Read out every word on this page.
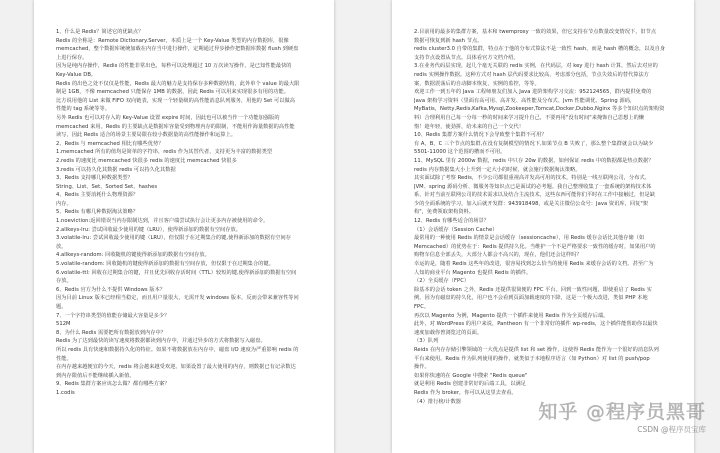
1、什么是 Redis？简述它的优缺点？
Redis 的全称是：Remote Dictionary.Server，本质上是一个 Key-Value 类型的内存数据库，很像
memcached，整个数据库统统加载在内存当中进行操作，定期通过异步操作把数据库数据 flush 到硬盘
上进行保存。
因为是纯内存操作，Redis 的性能非常出色，每秒可以处理超过 10 万次读写操作，是已知性能最快的
Key-Value DB。
Redis 的出色之处不仅仅是性能，Redis 最大的魅力是支持保存多种数据结构，此外单个 value 的最大限
制是 1GB，不像 memcached 只能保存 1MB 的数据，因此 Redis 可以用来实现很多有用的功能。
比方说用他的 List 来做 FIFO 双向链表，实现一个轻量级的高性能消息队列服务，用他的 Set 可以做高
性能的 tag 系统等等。
另外 Redis 也可以对存入的 Key-Value 设置 expire 时间，因此也可以被当作一个功能加强版的
memcached 来用。Redis 的主要缺点是数据库容量受到物理内存的限制，不能用作海量数据的高性能
读写，因此 Redis 适合的场景主要局限在较小数据量的高性能操作和运算上。
2、Redis 与 memcached 相比有哪些优势？
1.memcached 所有的值均是简单的字符串，redis 作为其替代者，支持更为丰富的数据类型
2.redis 的速度比 memcached 快很多 redis 的速度比 memcached 快很多
3.redis 可以持久化其数据 redis 可以持久化其数据
3、Redis 支持哪几种数据类型？
String、List、Set、Sorted Set、hashes
4、Redis 主要消耗什么物理资源？
内存。
5、Redis 有哪几种数据淘汰策略？
1.noeviction:返回错误当内存限制达到，并且客户端尝试执行会让更多内存被使用的命令。
2.allkeys-lru: 尝试回收最少使用的键（LRU），使得新添加的数据有空间存放。
3.volatile-lru: 尝试回收最少使用的键（LRU），但仅限于在过期集合的键,使得新添加的数据有空间存
放。
4.allkeys-random: 回收随机的键使得新添加的数据有空间存放。
5.volatile-random: 回收随机的键使得新添加的数据有空间存放，但仅限于在过期集合的键。
6.volatile-ttl: 回收在过期集合的键，并且优先回收存活时间（TTL）较短的键,使得新添加的数据有空间
存放。
6、Redis 官方为什么不提供 Windows 版本？
因为目前 Linux 版本已经相当稳定，而且用户量很大，无需开发 windows 版本，反而会带来兼容性等问
题。
7、一个字符串类型的值能存储最大容量是多少？
512M
8、为什么 Redis 需要把所有数据放到内存中？
Redis 为了达到最快的读写速度将数据都读到内存中，并通过异步的方式将数据写入磁盘。
所以 redis 具有快速和数据持久化的特征。如果不将数据放在内存中，磁盘 I/O 速度为严重影响 redis 的
性能。
在内存越来越便宜的今天，redis 将会越来越受欢迎。如果设置了最大使用的内存，则数据已有记录数达
到内存限值后不能继续插入新值。
9、Redis 集群方案应该怎么做？都有哪些方案？
1.codis
2.目前用的最多的集群方案，基本和 twemproxy 一致的效果，但它支持在节点数量改变情况下，旧节点
数据可恢复到新 hash 节点。
redis cluster3.0 自带的集群，特点在于他的分布式算法不是一致性 hash，而是 hash 槽的概念，以及自身
支持节点设置从节点。具体看官方文档介绍。
3.在业务代码层实现，起几个毫无关联的 redis 实例，在代码层，对 key 进行 hash 计算，然后去对应的
redis 实例操作数据。这种方式对 hash 层代码要求比较高，考虑部分包括，节点失效后的替代算法方
案，数据震荡后的自动脚本恢复，实例的监控，等等。
欢迎工作一到五年的 Java 工程师朋友们加入 Java 进阶架构学习交流：952124565，群内提供免费的
Java 架构学习资料（里面有高可用、高并发、高性能及分布式、Jvm 性能调优、Spring 源码，
MyBatis，Netty,Redis,Kafka,Mysql,Zookeeper,Tomcat,Docker,Dubbo,Nginx 等多个知识点的架构资
料）合理利用自己每一分每一秒的时间来学习提升自己，不要再用"没有时间"来掩饰自己思想上的懒
惰！趁年轻，使劲拼，给未来的自己一个交代！
10、Redis 集群方案什么情况下会导致整个集群不可用？
有 A，B，C 三个节点的集群,在没有复制模型的情况下,如果节点 B 失败了，那么整个集群就会以为缺少
5501-11000 这个范围的槽而不可用。
11、MySQL 里有 2000w 数据，redis 中只存 20w 的数据，如何保证 redis 中的数据都是热点数据？
redis 内存数据集大小上升到一定大小的时候，就会施行数据淘汰策略。
其实面试除了考察 Redis，不少公司都很重视高并发高可用的技术，特别是一线互联网公司，分布式、
JVM、spring 源码分析、微服务等知识点已是面试的必考题。我自己整理收集了一套系统的架构技术体
系，针对当前互联网公司的技术需求以及结合主流技术，这些东西可能你们平时在工作中接触过，但是缺
少的全面系统的学习，加入后就开发群：943918498，或是关注微信公众号：Java 资讯库，回复"架
构"，免费领取架构资料。
12、Redis 有哪些适合的场景？
（1）会话缓存（Session Cache）
最常用的一种使用 Redis 的情景是会话缓存（sessioncache），用 Redis 缓存会话比其他存储（如
Memcached）的优势在于：Redis 提供持久化。当维护一个不是严格要求一致性的缓存时，如果用户的
购物车信息全部丢失，大部分人都会不高兴的，现在，他们还会这样吗？
幸运的是，随着 Redis 这些年的改进，很容易找到怎么恰当的使用 Redis 来缓存会话的文档。甚至广为
人知的商业平台 Magento 也提供 Redis 的插件。
（2）全页缓存（FPC）
除基本的会话 token 之外，Redis 还提供很简便的 FPC 平台。回到一致性问题，即使重启了 Redis 实
例，因为有磁盘的持久化，用户也不会看到页面加载速度的下降，这是一个极大改进，类似 PHP 本地
FPC。
再次以 Magento 为例，Magento 提供一个插件来使用 Redis 作为全页缓存后端。
此外，对 WordPress 的用户来说，Pantheon 有一个非常好的插件 wp-redis，这个插件能帮助你以最快
速度加载你曾浏览过的页面。
（3）队列
Reids 在内存存储引擎领域的一大优点是提供 list 和 set 操作，这使得 Redis 能作为一个很好的消息队列
平台来使用。Redis 作为队列使用的操作，就类似于本地程序语言（如 Python）对 list 的 push/pop
操作。
如果你快速的在 Google 中搜索 "Redis queue"
就是利用 Redis 创建非常好的后端工具，以满足
Redis 作为 broker，你可以从这里去查看。
（4）排行榜/计数器	知乎 @程序员黑哥
CSDN @程序员宝库
